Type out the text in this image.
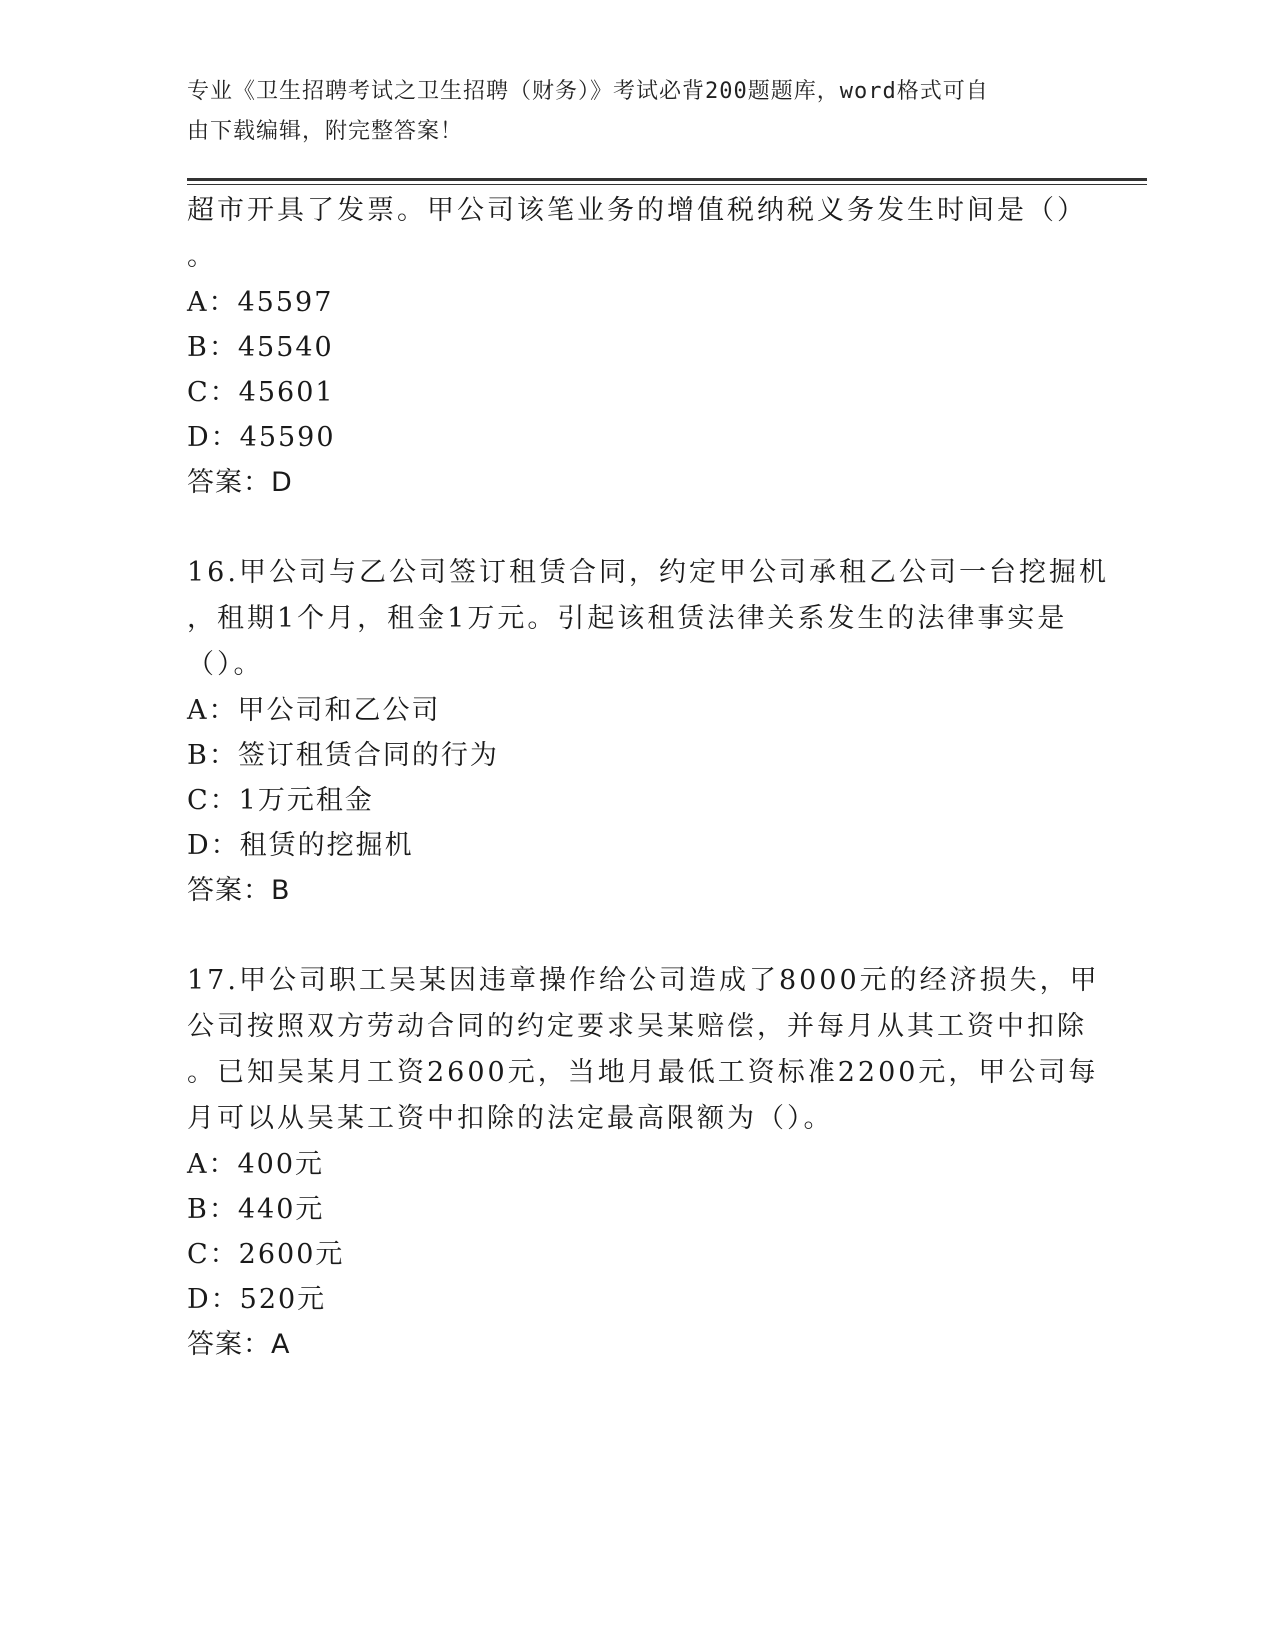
专业《卫生招聘考试之卫生招聘（财务）》考试必背200题题库，word格式可自
由下载编辑，附完整答案！
超市开具了发票。甲公司该笔业务的增值税纳税义务发生时间是（）
。
A：45597
B：45540
C：45601
D：45590
答案：D
16.甲公司与乙公司签订租赁合同，约定甲公司承租乙公司一台挖掘机
，租期1个月，租金1万元。引起该租赁法律关系发生的法律事实是
（）。
A：甲公司和乙公司
B：签订租赁合同的行为
C：1万元租金
D：租赁的挖掘机
答案：B
17.甲公司职工吴某因违章操作给公司造成了8000元的经济损失，甲
公司按照双方劳动合同的约定要求吴某赔偿，并每月从其工资中扣除
。已知吴某月工资2600元，当地月最低工资标准2200元，甲公司每
月可以从吴某工资中扣除的法定最高限额为（）。
A：400元
B：440元
C：2600元
D：520元
答案：A
